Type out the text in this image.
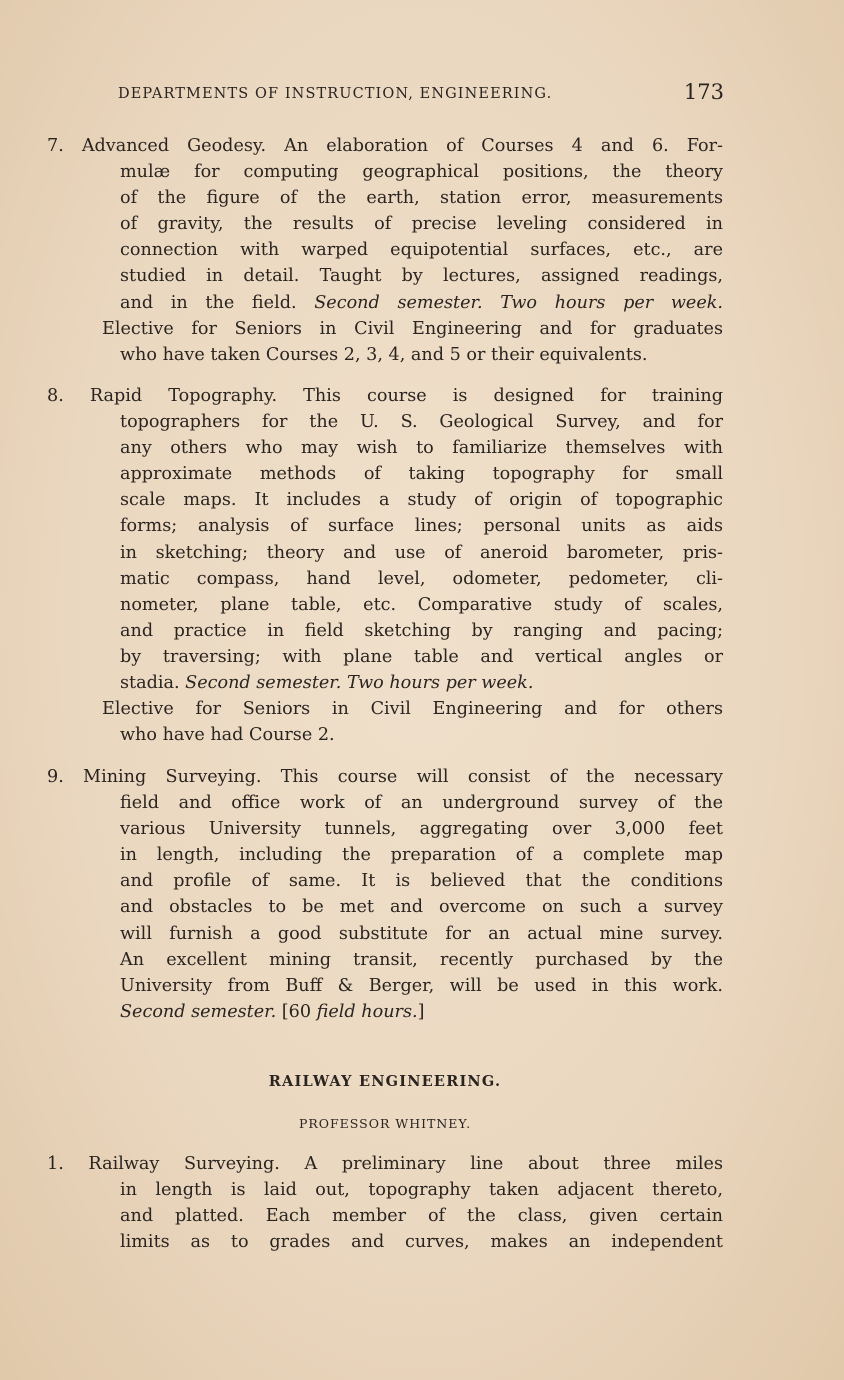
DEPARTMENTS OF INSTRUCTION, ENGINEERING.	173
7. Advanced Geodesy. An elaboration of Courses 4 and 6. For-
mulæ for computing geographical positions, the theory
of the figure of the earth, station error, measurements
of gravity, the results of precise leveling considered in
connection with warped equipotential surfaces, etc., are
studied in detail. Taught by lectures, assigned readings,
and in the field. Second semester. Two hours per week.
Elective for Seniors in Civil Engineering and for graduates
who have taken Courses 2, 3, 4, and 5 or their equivalents.
8. Rapid Topography. This course is designed for training
topographers for the U. S. Geological Survey, and for
any others who may wish to familiarize themselves with
approximate methods of taking topography for small
scale maps. It includes a study of origin of topographic
forms; analysis of surface lines; personal units as aids
in sketching; theory and use of aneroid barometer, pris-
matic compass, hand level, odometer, pedometer, cli-
nometer, plane table, etc. Comparative study of scales,
and practice in field sketching by ranging and pacing;
by traversing; with plane table and vertical angles or
stadia. Second semester. Two hours per week.
Elective for Seniors in Civil Engineering and for others
who have had Course 2.
9. Mining Surveying. This course will consist of the necessary
field and office work of an underground survey of the
various University tunnels, aggregating over 3,000 feet
in length, including the preparation of a complete map
and profile of same. It is believed that the conditions
and obstacles to be met and overcome on such a survey
will furnish a good substitute for an actual mine survey.
An excellent mining transit, recently purchased by the
University from Buff & Berger, will be used in this work.
Second semester. [60 field hours.]
RAILWAY ENGINEERING.
PROFESSOR WHITNEY.
1. Railway Surveying. A preliminary line about three miles
in length is laid out, topography taken adjacent thereto,
and platted. Each member of the class, given certain
limits as to grades and curves, makes an independent
